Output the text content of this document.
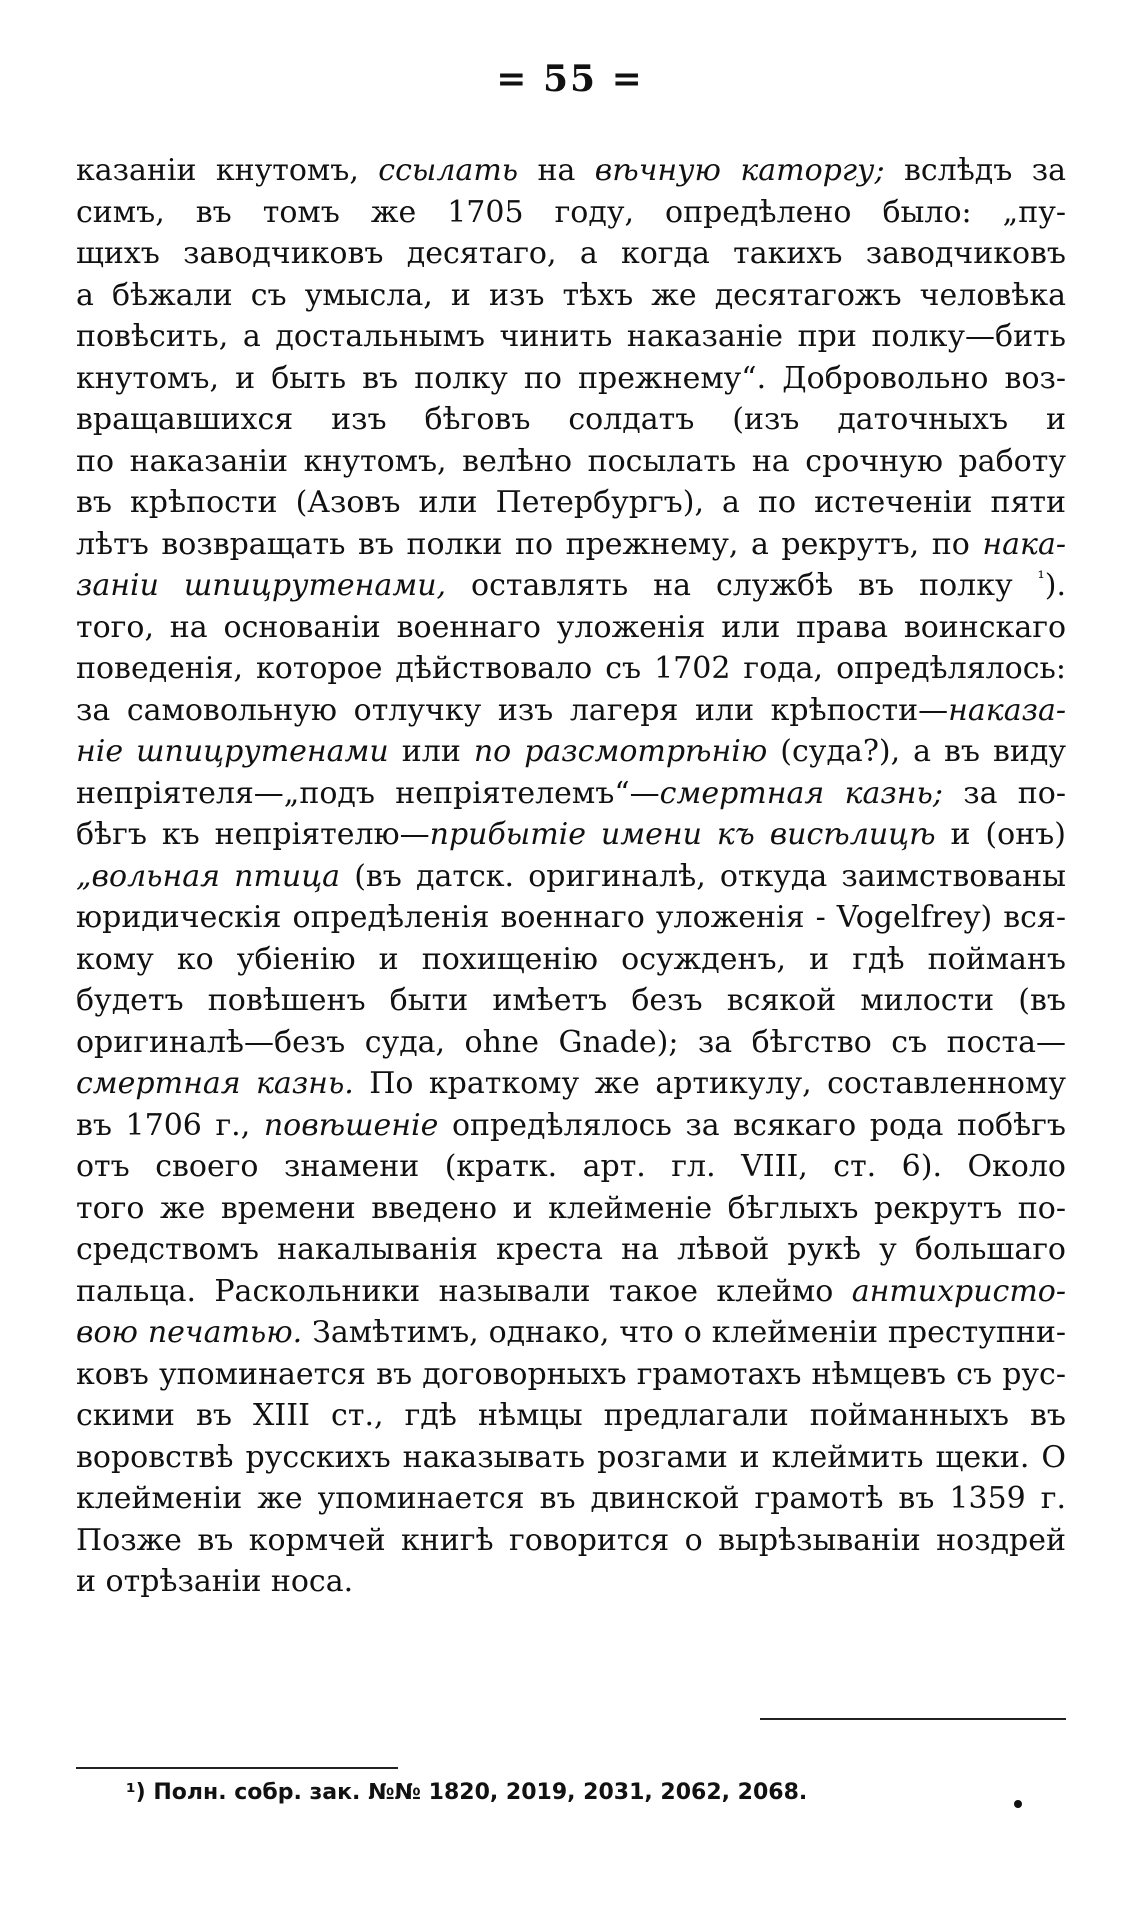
= 55 =
казаніи кнутомъ, ссылать на вѣчную каторгу; вслѣдъ за
симъ, въ томъ же 1705 году, опредѣлено было: „пу-
щихъ заводчиковъ десятаго, а когда такихъ заводчиковъ
а бѣжали съ умысла, и изъ тѣхъ же десятагожъ человѣка
повѣсить, а достальнымъ чинить наказаніе при полку—бить
кнутомъ, и быть въ полку по прежнему“. Добровольно воз-
вращавшихся изъ бѣговъ солдатъ (изъ даточныхъ и
по наказаніи кнутомъ, велѣно посылать на срочную работу
въ крѣпости (Азовъ или Петербургъ), а по истеченіи пяти
лѣтъ возвращать въ полки по прежнему, а рекрутъ, по нака-
заніи шпицрутенами, оставлять на службѣ въ полку $^{^1}$).
того, на основаніи военнаго уложенія или права воинскаго
поведенія, которое дѣйствовало съ 1702 года, опредѣлялось:
за самовольную отлучку изъ лагеря или крѣпости—наказа-
ніе шпицрутенами или по разсмотрѣнію (суда?), а въ виду
непріятеля—„подъ непріятелемъ“—смертная казнь; за по-
бѣгъ къ непріятелю—прибытіе имени къ висѣлицѣ и (онъ)
„вольная птица (въ датск. оригиналѣ, откуда заимствованы
юридическія опредѣленія военнаго уложенія - Vogelfrey) вся-
кому ко убіенію и похищенію осужденъ, и гдѣ пойманъ
будетъ повѣшенъ быти имѣетъ безъ всякой милости (въ
оригиналѣ—безъ суда, ohne Gnade); за бѣгство съ поста—
смертная казнь. По краткому же артикулу, составленному
въ 1706 г., повѣшеніе опредѣлялось за всякаго рода побѣгъ
отъ своего знамени (кратк. арт. гл. VIII, ст. 6). Около
того же времени введено и клейменіе бѣглыхъ рекрутъ по-
средствомъ накалыванія креста на лѣвой рукѣ у большаго
пальца. Раскольники называли такое клеймо антихристо-
вою печатью. Замѣтимъ, однако, что о клейменіи преступни-
ковъ упоминается въ договорныхъ грамотахъ нѣмцевъ съ рус-
скими въ XIII ст., гдѣ нѣмцы предлагали пойманныхъ въ
воровствѣ русскихъ наказывать розгами и клеймить щеки. О
клейменіи же упоминается въ двинской грамотѣ въ 1359 г.
Позже въ кормчей книгѣ говорится о вырѣзываніи ноздрей
и отрѣзаніи носа.
¹) Полн. собр. зак. №№ 1820, 2019, 2031, 2062, 2068.
